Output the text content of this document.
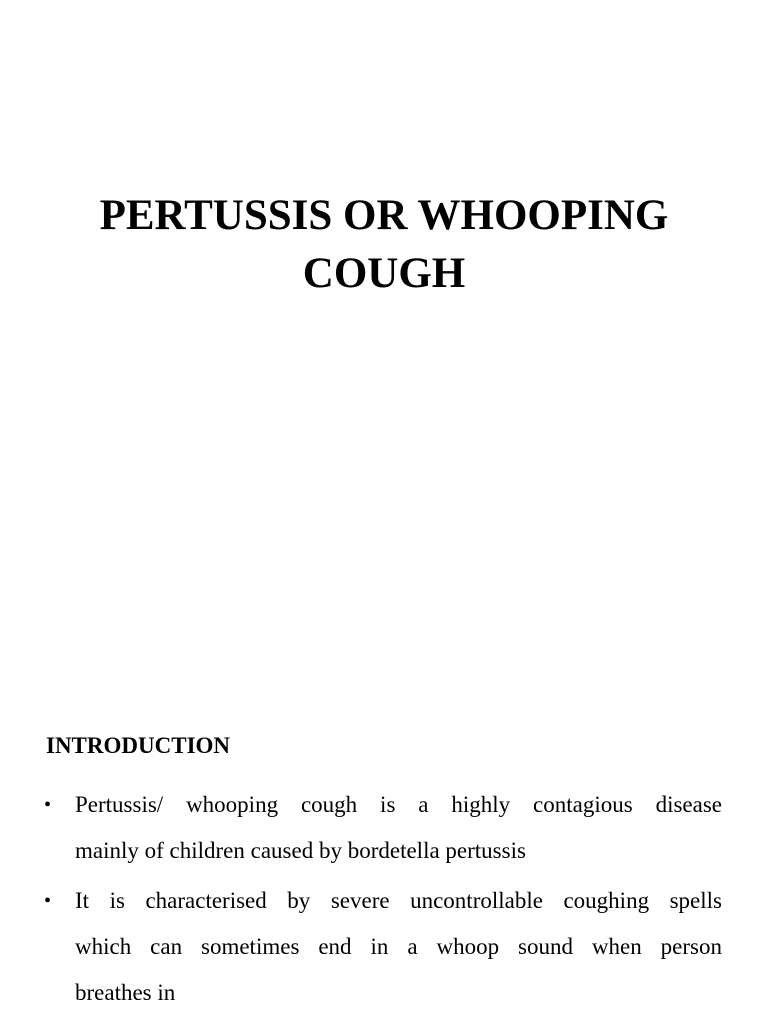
PERTUSSIS OR WHOOPING
COUGH
INTRODUCTION
• Pertussis/ whooping cough is a highly contagious disease
mainly of children caused by bordetella pertussis
• It is characterised by severe uncontrollable coughing spells
which can sometimes end in a whoop sound when person
breathes in
